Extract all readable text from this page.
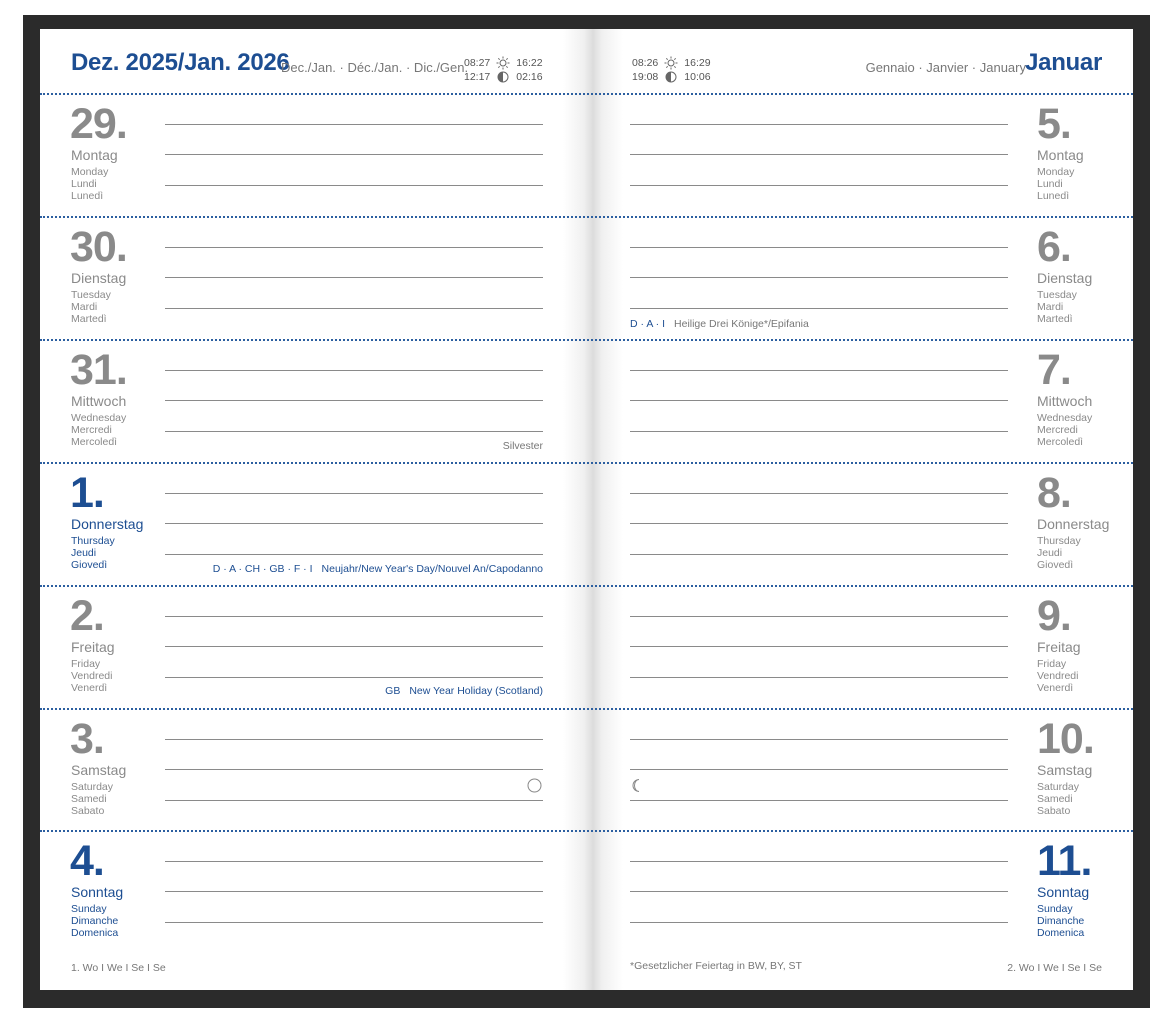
Dez. 2025/Jan. 2026
Dec./Jan. · Déc./Jan. · Dic./Gen.
08:27 16:22
12:17 02:16
08:26 16:29
19:08 10:06
Gennaio · Janvier · January Januar
29.
Montag
Monday
Lundi
Lunedì
30.
Dienstag
Tuesday
Mardi
Martedì
31.
Mittwoch
Wednesday
Mercredi
Mercoledì
1.
Donnerstag
Thursday
Jeudi
Giovedì
2.
Freitag
Friday
Vendredi
Venerdì
3.
Samstag
Saturday
Samedi
Sabato
4.
Sonntag
Sunday
Dimanche
Domenica
5.
Montag
Monday
Lundi
Lunedì
6.
Dienstag
Tuesday
Mardi
Martedì
7.
Mittwoch
Wednesday
Mercredi
Mercoledì
8.
Donnerstag
Thursday
Jeudi
Giovedì
9.
Freitag
Friday
Vendredi
Venerdì
10.
Samstag
Saturday
Samedi
Sabato
11.
Sonntag
Sunday
Dimanche
Domenica
Silvester
D · A · CH · GB · F · I Neujahr/New Year's Day/Nouvel An/Capodanno
GB New Year Holiday (Scotland)
D · A · I Heilige Drei Könige*/Epifania
1. Wo I We I Se I Se	*Gesetzlicher Feiertag in BW, BY, ST	2. Wo I We I Se I Se
